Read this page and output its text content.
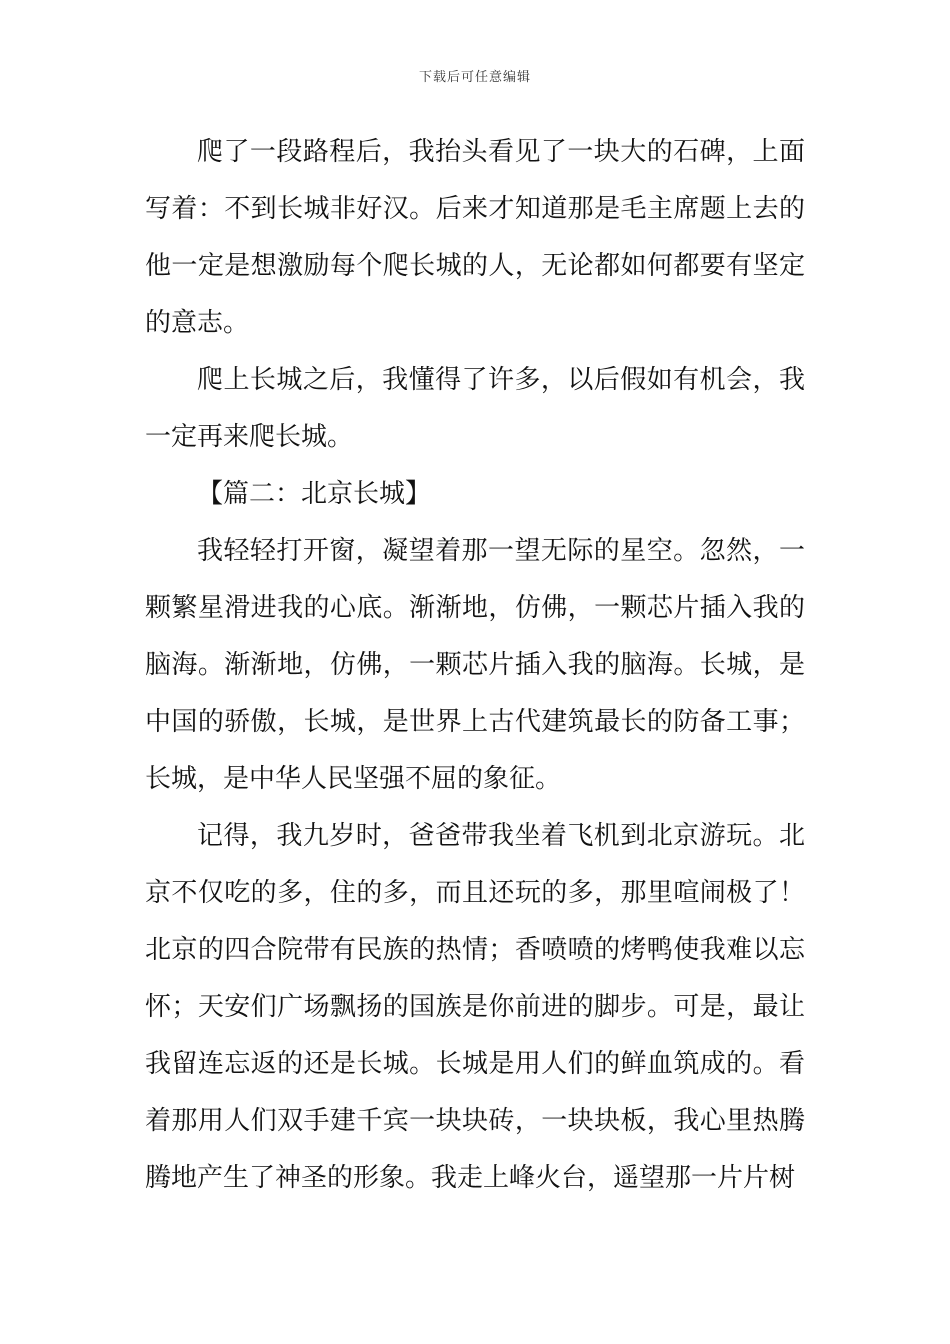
下载后可任意编辑

爬了一段路程后，我抬头看见了一块大的石碑，上面写着：不到长城非好汉。后来才知道那是毛主席题上去的他一定是想激励每个爬长城的人，无论都如何都要有坚定的意志。

爬上长城之后，我懂得了许多，以后假如有机会，我一定再来爬长城。

【篇二：北京长城】

我轻轻打开窗，凝望着那一望无际的星空。忽然，一颗繁星滑进我的心底。渐渐地，仿佛，一颗芯片插入我的脑海。渐渐地，仿佛，一颗芯片插入我的脑海。长城，是中国的骄傲，长城，是世界上古代建筑最长的防备工事；长城，是中华人民坚强不屈的象征。

记得，我九岁时，爸爸带我坐着飞机到北京游玩。北京不仅吃的多，住的多，而且还玩的多，那里喧闹极了！北京的四合院带有民族的热情；香喷喷的烤鸭使我难以忘怀；天安们广场飘扬的国族是你前进的脚步。可是，最让我留连忘返的还是长城。长城是用人们的鲜血筑成的。看着那用人们双手建千宾一块块砖，一块块板，我心里热腾腾地产生了神圣的形象。我走上峰火台，遥望那一片片树
